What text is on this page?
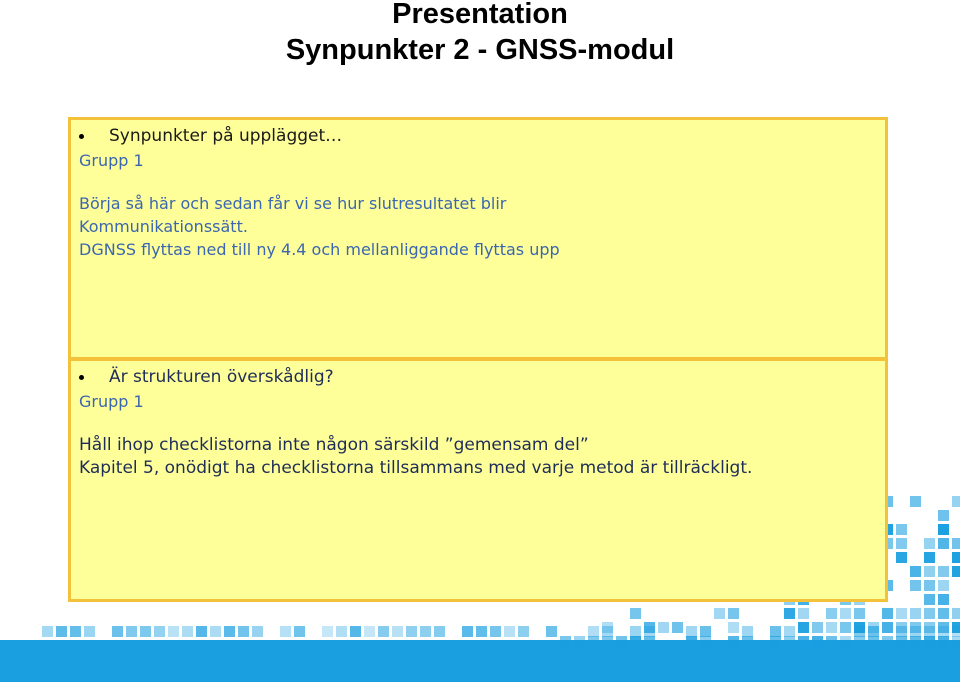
Presentation
Synpunkter 2 - GNSS-modul
Synpunkter på upplägget…
Grupp 1
Börja så här och sedan får vi se hur slutresultatet blir
Kommunikationssätt.
DGNSS flyttas ned till ny 4.4 och mellanliggande flyttas upp
Är strukturen överskådlig?
Grupp 1
Håll ihop checklistorna inte någon särskild ”gemensam del”
Kapitel 5, onödigt ha checklistorna tillsammans med varje metod är tillräckligt.
